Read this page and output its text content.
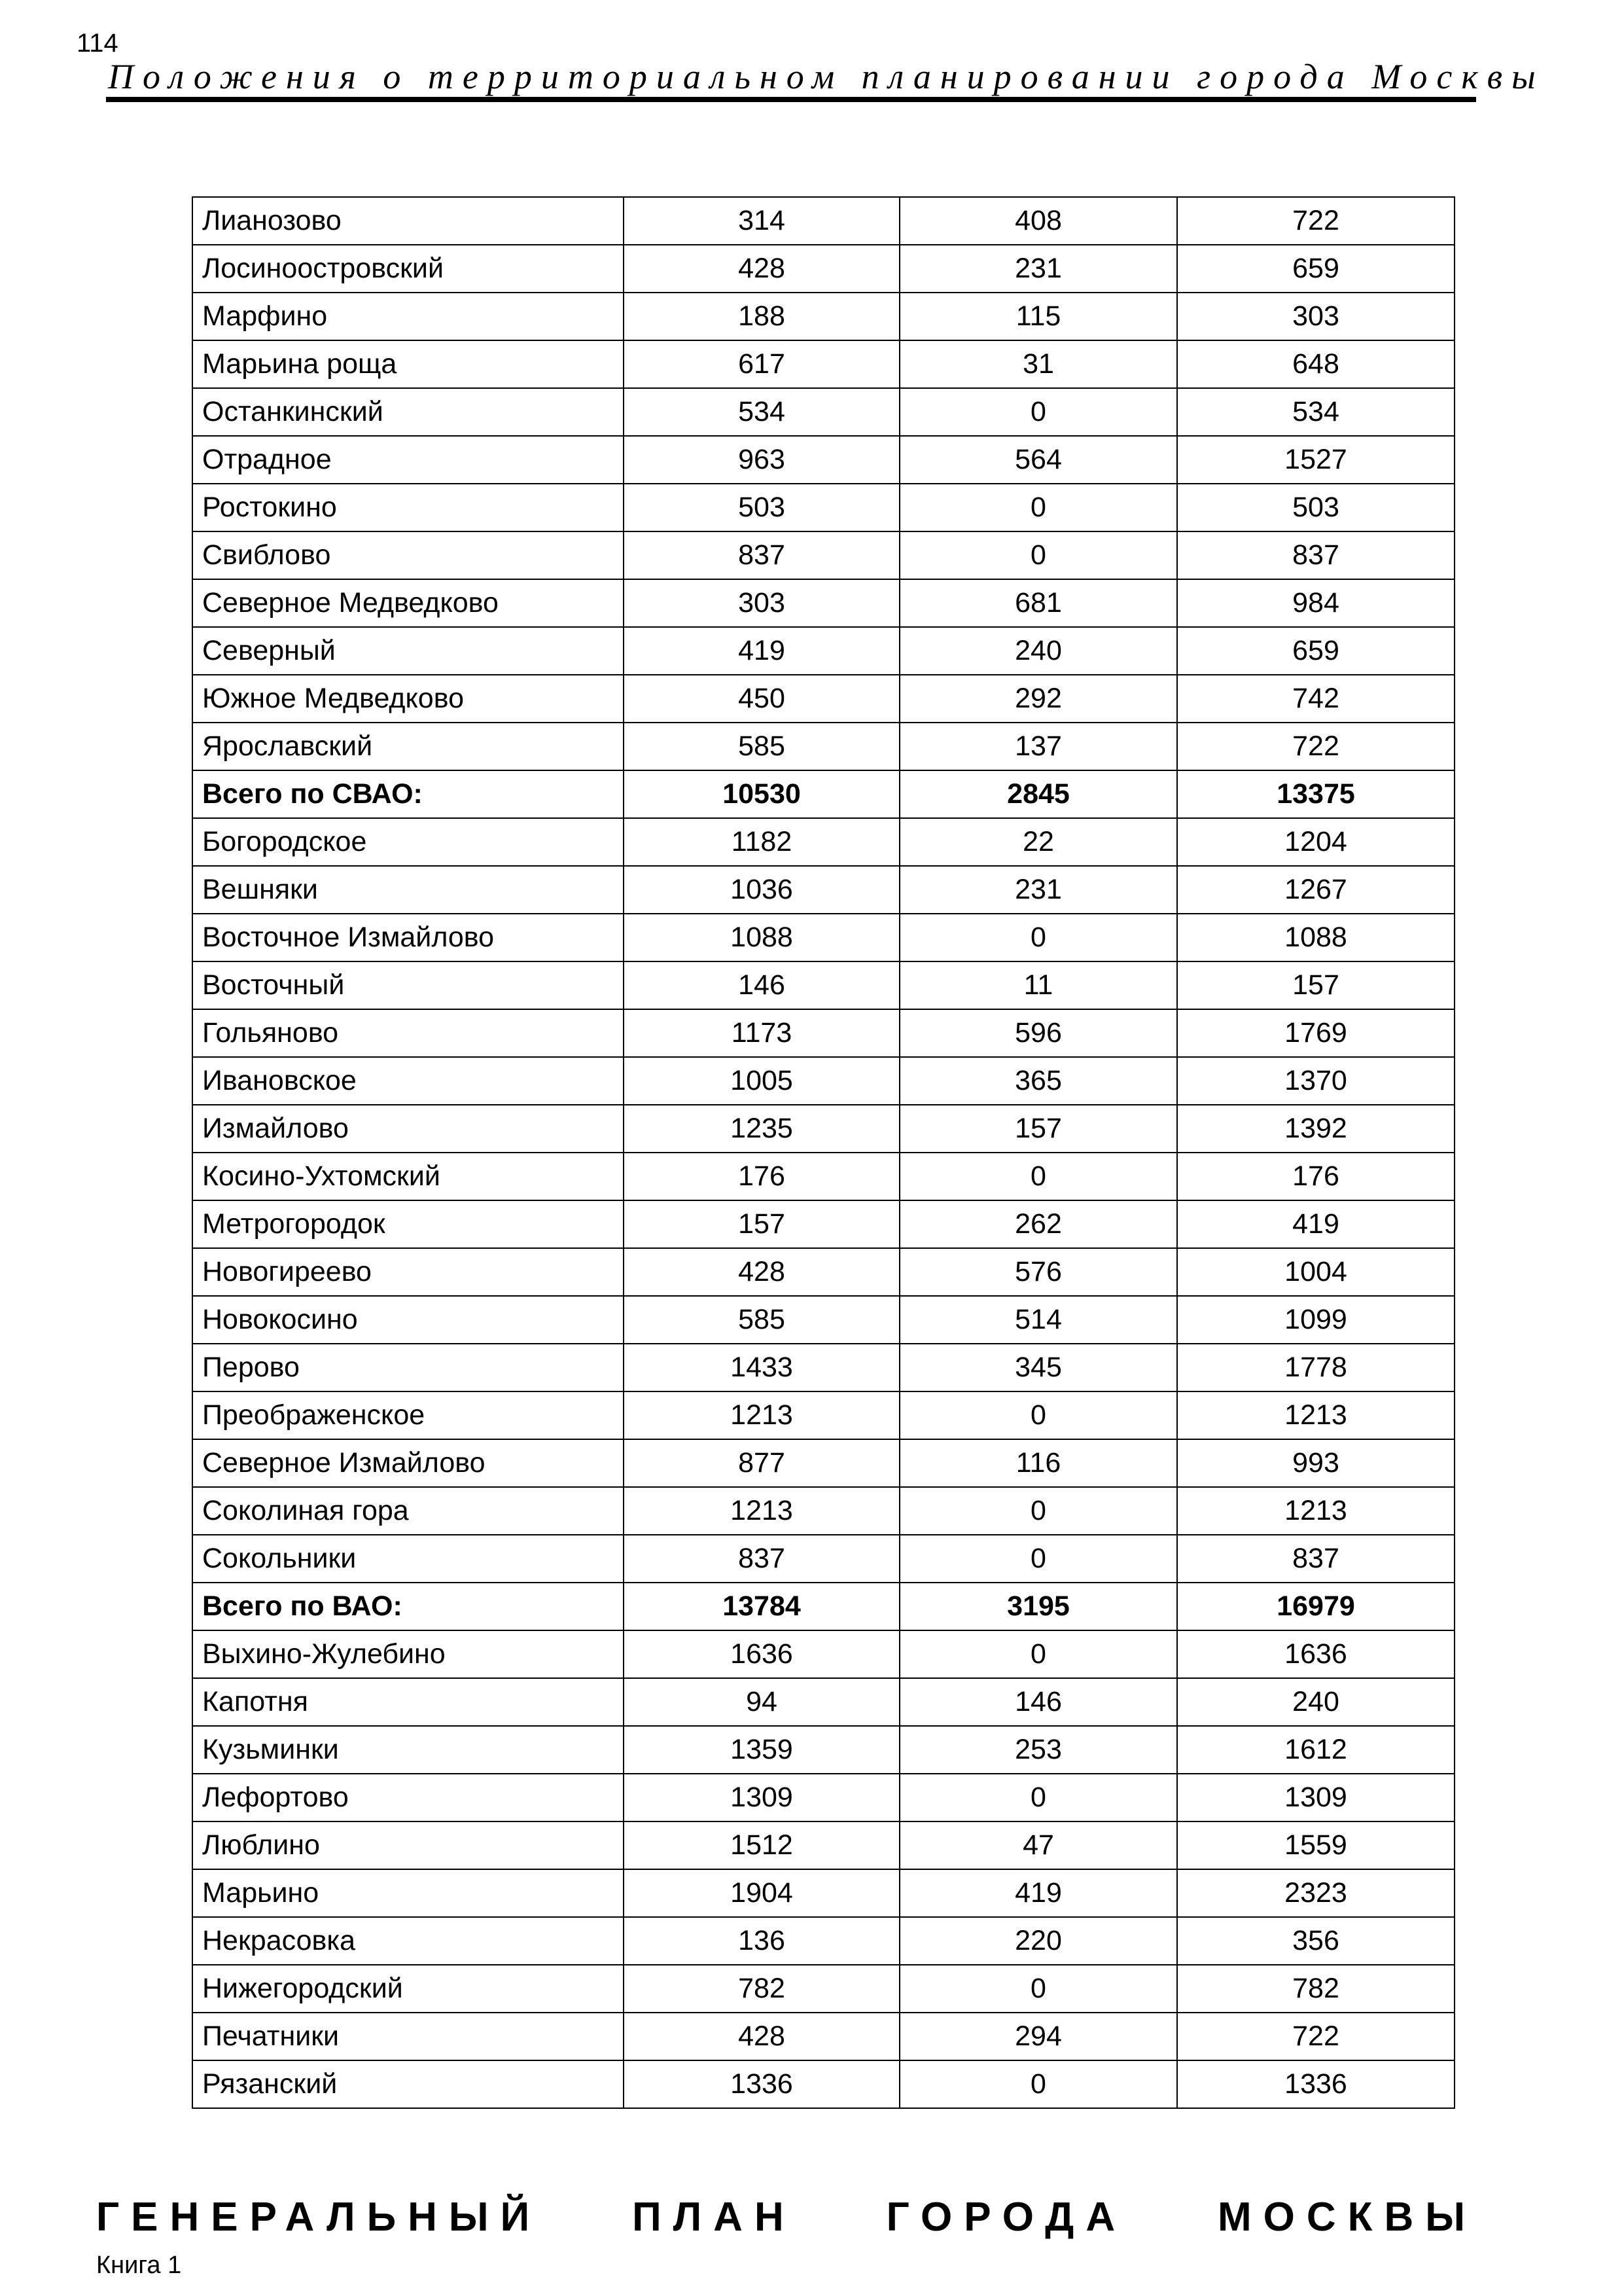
114
Положения о территориальном планировании города Москвы
Лианозово	314	408	722
Лосиноостровский	428	231	659
Марфино	188	115	303
Марьина роща	617	31	648
Останкинский	534	0	534
Отрадное	963	564	1527
Ростокино	503	0	503
Свиблово	837	0	837
Северное Медведково	303	681	984
Северный	419	240	659
Южное Медведково	450	292	742
Ярославский	585	137	722
Всего по СВАО:	10530	2845	13375
Богородское	1182	22	1204
Вешняки	1036	231	1267
Восточное Измайлово	1088	0	1088
Восточный	146	11	157
Гольяново	1173	596	1769
Ивановское	1005	365	1370
Измайлово	1235	157	1392
Косино-Ухтомский	176	0	176
Метрогородок	157	262	419
Новогиреево	428	576	1004
Новокосино	585	514	1099
Перово	1433	345	1778
Преображенское	1213	0	1213
Северное Измайлово	877	116	993
Соколиная гора	1213	0	1213
Сокольники	837	0	837
Всего по ВАО:	13784	3195	16979
Выхино-Жулебино	1636	0	1636
Капотня	94	146	240
Кузьминки	1359	253	1612
Лефортово	1309	0	1309
Люблино	1512	47	1559
Марьино	1904	419	2323
Некрасовка	136	220	356
Нижегородский	782	0	782
Печатники	428	294	722
Рязанский	1336	0	1336
ГЕНЕРАЛЬНЫЙ ПЛАН ГОРОДА МОСКВЫ
Книга 1
